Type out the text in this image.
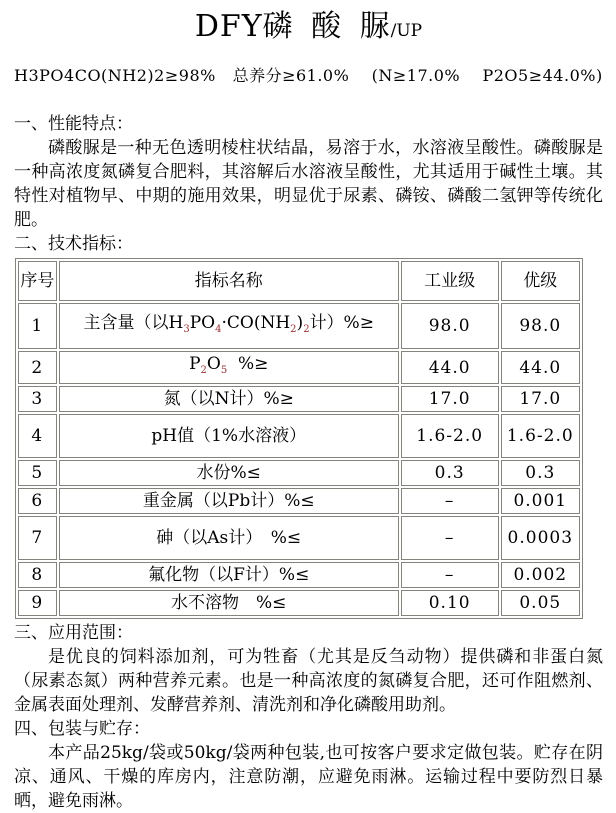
DFY磷 酸 脲/UP
H3PO4CO(NH2)2≥98%   总养分≥61.0%    (N≥17.0%    P2O5≥44.0%)
一、性能特点：

磷酸脲是一种无色透明棱柱状结晶，易溶于水，水溶液呈酸性。磷酸脲是一种高浓度氮磷复合肥料，其溶解后水溶液呈酸性，尤其适用于碱性土壤。其特性对植物早、中期的施用效果，明显优于尿素、磷铵、磷酸二氢钾等传统化肥。

二、技术指标：
序号	指标名称	工业级	优级
1	主含量（以$H_3PO_4\cdot CO(NH_2)_2$计）%≥	98.0	98.0
2	$P_2O_5$  %≥	44.0	44.0
3	氮（以N计）%≥	17.0	17.0
4	pH值（1%水溶液）	1.6-2.0	1.6-2.0
5	水份%≤	0.3	0.3
6	重金属（以Pb计）%≤	–	0.001
7	砷（以As计）　%≤	–	0.0003
8	氟化物（以F计）%≤	–	0.002
9	水不溶物　%≤	0.10	0.05
三、应用范围：

是优良的饲料添加剂，可为牲畜（尤其是反刍动物）提供磷和非蛋白氮（尿素态氮）两种营养元素。也是一种高浓度的氮磷复合肥，还可作阻燃剂、金属表面处理剂、发酵营养剂、清洗剂和净化磷酸用助剂。

四、包装与贮存：

本产品25kg/袋或50kg/袋两种包装,也可按客户要求定做包装。贮存在阴凉、通风、干燥的库房内，注意防潮，应避免雨淋。运输过程中要防烈日暴晒，避免雨淋。
